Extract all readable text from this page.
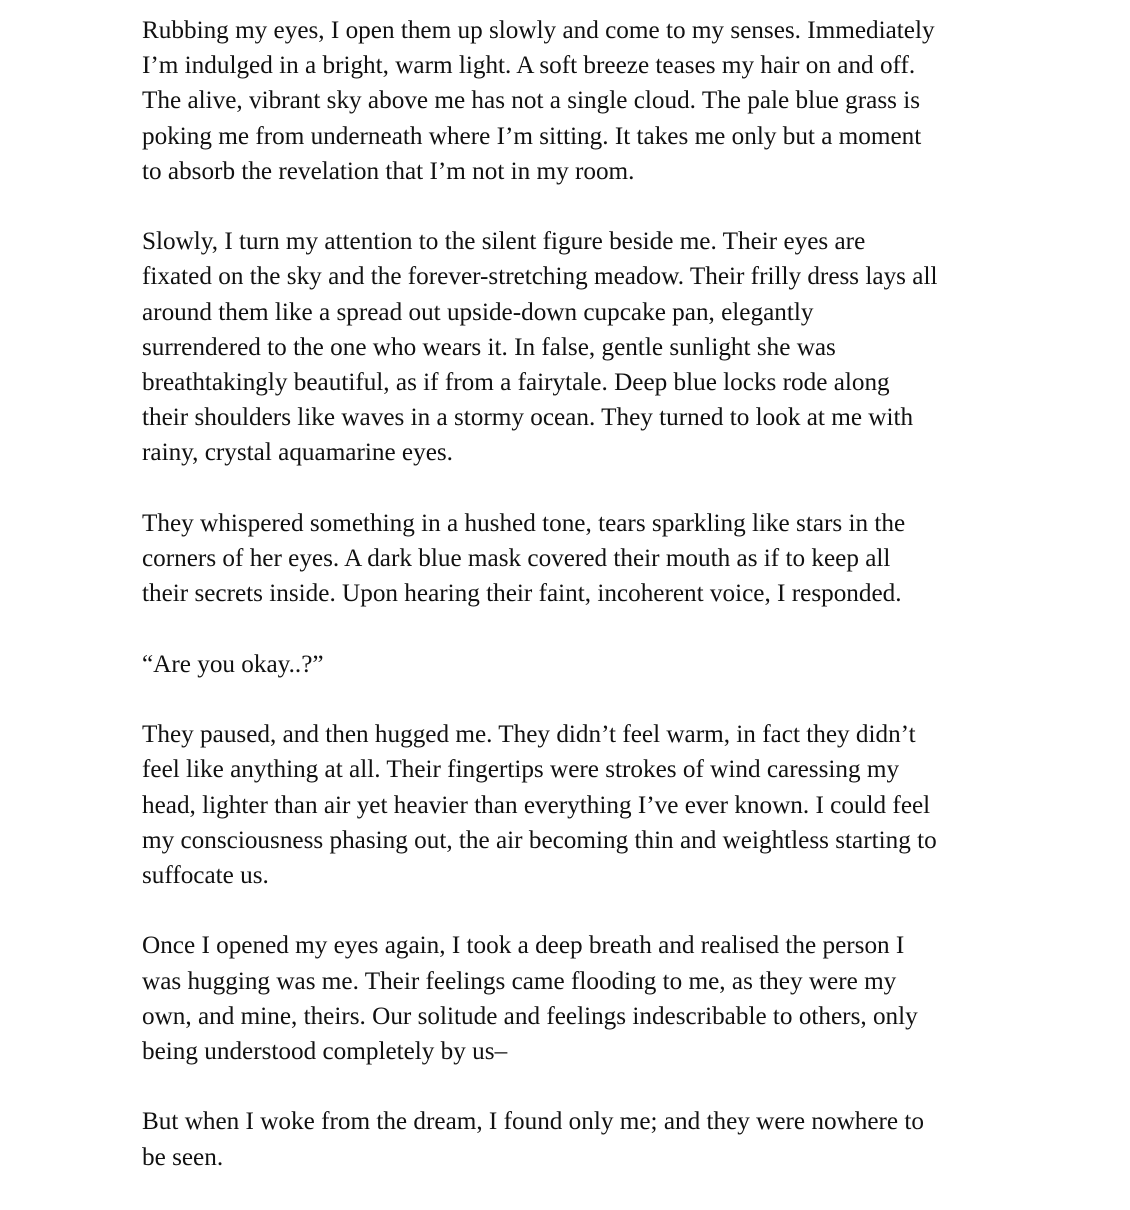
Rubbing my eyes, I open them up slowly and come to my senses. Immediately
I’m indulged in a bright, warm light. A soft breeze teases my hair on and off.
The alive, vibrant sky above me has not a single cloud. The pale blue grass is
poking me from underneath where I’m sitting. It takes me only but a moment
to absorb the revelation that I’m not in my room.

Slowly, I turn my attention to the silent figure beside me. Their eyes are
fixated on the sky and the forever-stretching meadow. Their frilly dress lays all
around them like a spread out upside-down cupcake pan, elegantly
surrendered to the one who wears it. In false, gentle sunlight she was
breathtakingly beautiful, as if from a fairytale. Deep blue locks rode along
their shoulders like waves in a stormy ocean. They turned to look at me with
rainy, crystal aquamarine eyes.

They whispered something in a hushed tone, tears sparkling like stars in the
corners of her eyes. A dark blue mask covered their mouth as if to keep all
their secrets inside. Upon hearing their faint, incoherent voice, I responded.

“Are you okay..?”

They paused, and then hugged me. They didn’t feel warm, in fact they didn’t
feel like anything at all. Their fingertips were strokes of wind caressing my
head, lighter than air yet heavier than everything I’ve ever known. I could feel
my consciousness phasing out, the air becoming thin and weightless starting to
suffocate us.

Once I opened my eyes again, I took a deep breath and realised the person I
was hugging was me. Their feelings came flooding to me, as they were my
own, and mine, theirs. Our solitude and feelings indescribable to others, only
being understood completely by us–

But when I woke from the dream, I found only me; and they were nowhere to
be seen.
